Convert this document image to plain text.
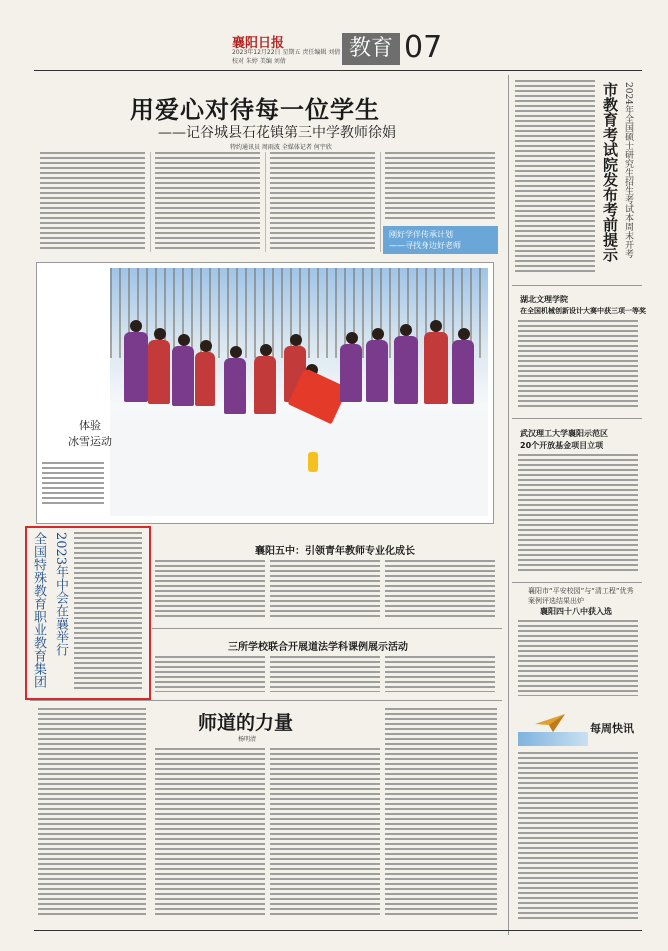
襄阳日报
2023年12月22日 星期五 责任编辑 刘倩 校对 朱婷 美编 刘倩
教育 07
用爱心对待每一位学生
——记谷城县石花镇第三中学教师徐娟
特约通讯员 周雨波 全媒体记者 何宇欣
刚好学伴传承计划
——寻找身边好老师	市教育考试院发布考前提示 2024年全国硕士研究生招生考试本周末开考
湖北文理学院
在全国机械创新设计大赛中获三项一等奖
武汉理工大学襄阳示范区
20个开放基金项目立项
襄阳市“平安校园”与“清工程”优秀
案例评选结果出炉
襄阳四十八中获入选
每周快讯
体验
冰雪运动
2023年中会在襄举行
全国特殊教育职业教育集团	襄阳五中：引领青年教师专业化成长
三所学校联合开展道法学科课例展示活动
师道的力量
杨明清
